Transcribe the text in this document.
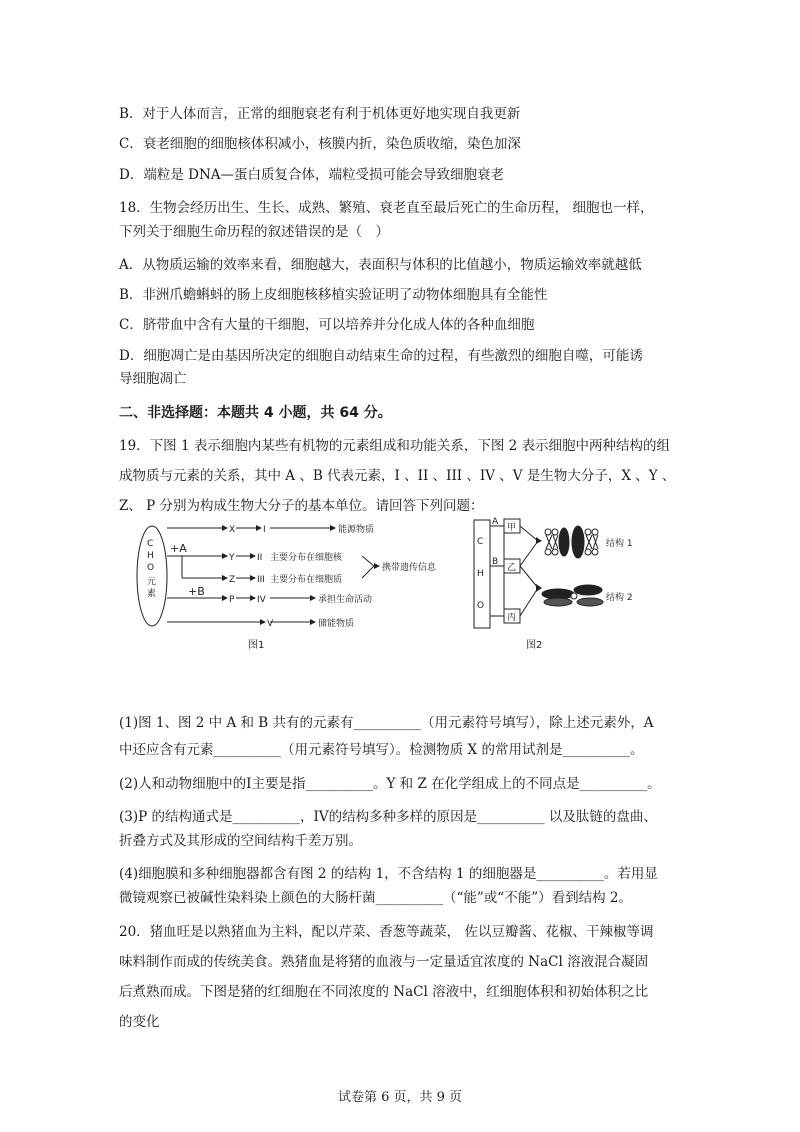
B．对于人体而言，正常的细胞衰老有利于机体更好地实现自我更新
C．衰老细胞的细胞核体积减小，核膜内折，染色质收缩，染色加深
D．端粒是 DNA—蛋白质复合体，端粒受损可能会导致细胞衰老
18．生物会经历出生、生长、成熟、繁殖、衰老直至最后死亡的生命历程， 细胞也一样，
下列关于细胞生命历程的叙述错误的是（　）
A．从物质运输的效率来看，细胞越大，表面积与体积的比值越小，物质运输效率就越低
B．非洲爪蟾蝌蚪的肠上皮细胞核移植实验证明了动物体细胞具有全能性
C．脐带血中含有大量的干细胞，可以培养并分化成人体的各种血细胞
D．细胞凋亡是由基因所决定的细胞自动结束生命的过程，有些激烈的细胞自噬，可能诱
导细胞凋亡
二、非选择题：本题共 4 小题，共 64 分。
19．下图 1 表示细胞内某些有机物的元素组成和功能关系，下图 2 表示细胞中两种结构的组
成物质与元素的关系，其中 A 、B 代表元素，I 、II 、III 、IV 、V 是生物大分子，X 、Y 、
Z、 P 分别为构成生物大分子的基本单位。请回答下列问题：
C
H
O
元
素
+A
+B
X
Y
Z
P
I
II
III
IV
V
能源物质
主要分布在细胞核
主要分布在细胞质
承担生命活动
储能物质
携带遗传信息
图1
C
H
O
A
B
甲
乙
丙
结构 1
结构 2
图2
(1)图 1、图 2 中 A 和 B 共有的元素有__________（用元素符号填写），除上述元素外，A
中还应含有元素__________（用元素符号填写）。检测物质 X 的常用试剂是__________。
(2)人和动物细胞中的I主要是指__________。Y 和 Z 在化学组成上的不同点是__________。
(3)P 的结构通式是__________，IV的结构多种多样的原因是__________ 以及肽链的盘曲、
折叠方式及其形成的空间结构千差万别。
(4)细胞膜和多种细胞器都含有图 2 的结构 1，不含结构 1 的细胞器是__________。若用显
微镜观察已被碱性染料染上颜色的大肠杆菌__________（“能”或“不能”）看到结构 2。
20．猪血旺是以熟猪血为主料，配以芹菜、香葱等蔬菜， 佐以豆瓣酱、花椒、干辣椒等调
味料制作而成的传统美食。熟猪血是将猪的血液与一定量适宜浓度的 NaCl 溶液混合凝固
后煮熟而成。下图是猪的红细胞在不同浓度的 NaCl 溶液中，红细胞体积和初始体积之比
的变化
试卷第 6 页，共 9 页
